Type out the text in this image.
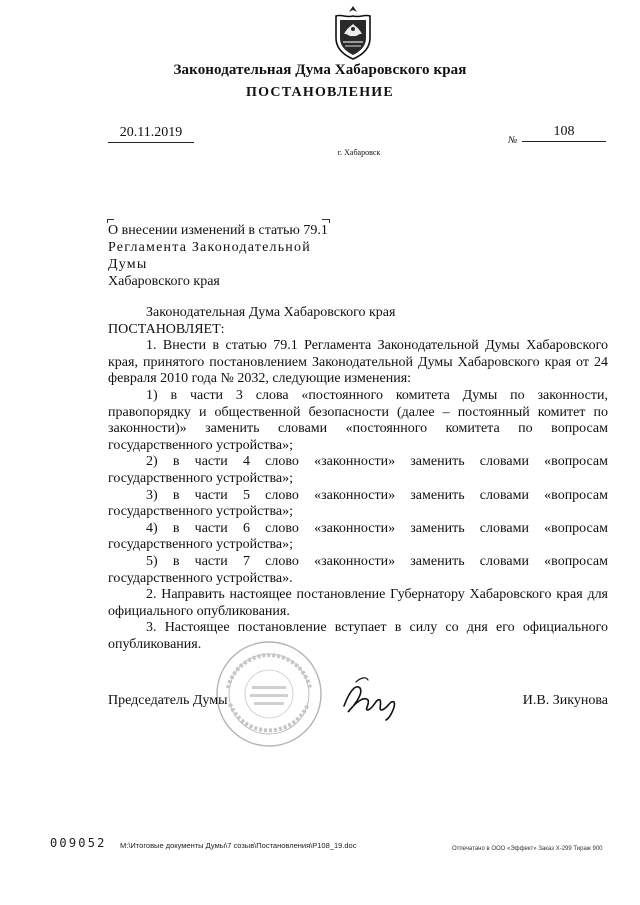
Законодательная Дума Хабаровского края
ПОСТАНОВЛЕНИЕ
20.11.2019
№
108
г. Хабаровск
О внесении изменений в статью 79.1
Регламента Законодательной Думы
Хабаровского края

Законодательная Дума Хабаровского края

ПОСТАНОВЛЯЕТ:

1. Внести в статью 79.1 Регламента Законодательной Думы Хабаровского края, принятого постановлением Законодательной Думы Хабаровского края от 24 февраля 2010 года № 2032, следующие изменения:

1) в части 3 слова «постоянного комитета Думы по законности, правопорядку и общественной безопасности (далее – постоянный комитет по законности)» заменить словами «постоянного комитета по вопросам государственного устройства»;

2) в части 4 слово «законности» заменить словами «вопросам государственного устройства»;

3) в части 5 слово «законности» заменить словами «вопросам государственного устройства»;

4) в части 6 слово «законности» заменить словами «вопросам государственного устройства»;

5) в части 7 слово «законности» заменить словами «вопросам государственного устройства».

2. Направить настоящее постановление Губернатору Хабаровского края для официального опубликования.

3. Настоящее постановление вступает в силу со дня его официального опубликования.

Председатель Думы	И.В. Зикунова
009052 M:\Итоговые документы Думы\7 созыв\Постановления\P108_19.doc	Отпечатано в ООО «Эффект» Заказ Х-299 Тираж 900
